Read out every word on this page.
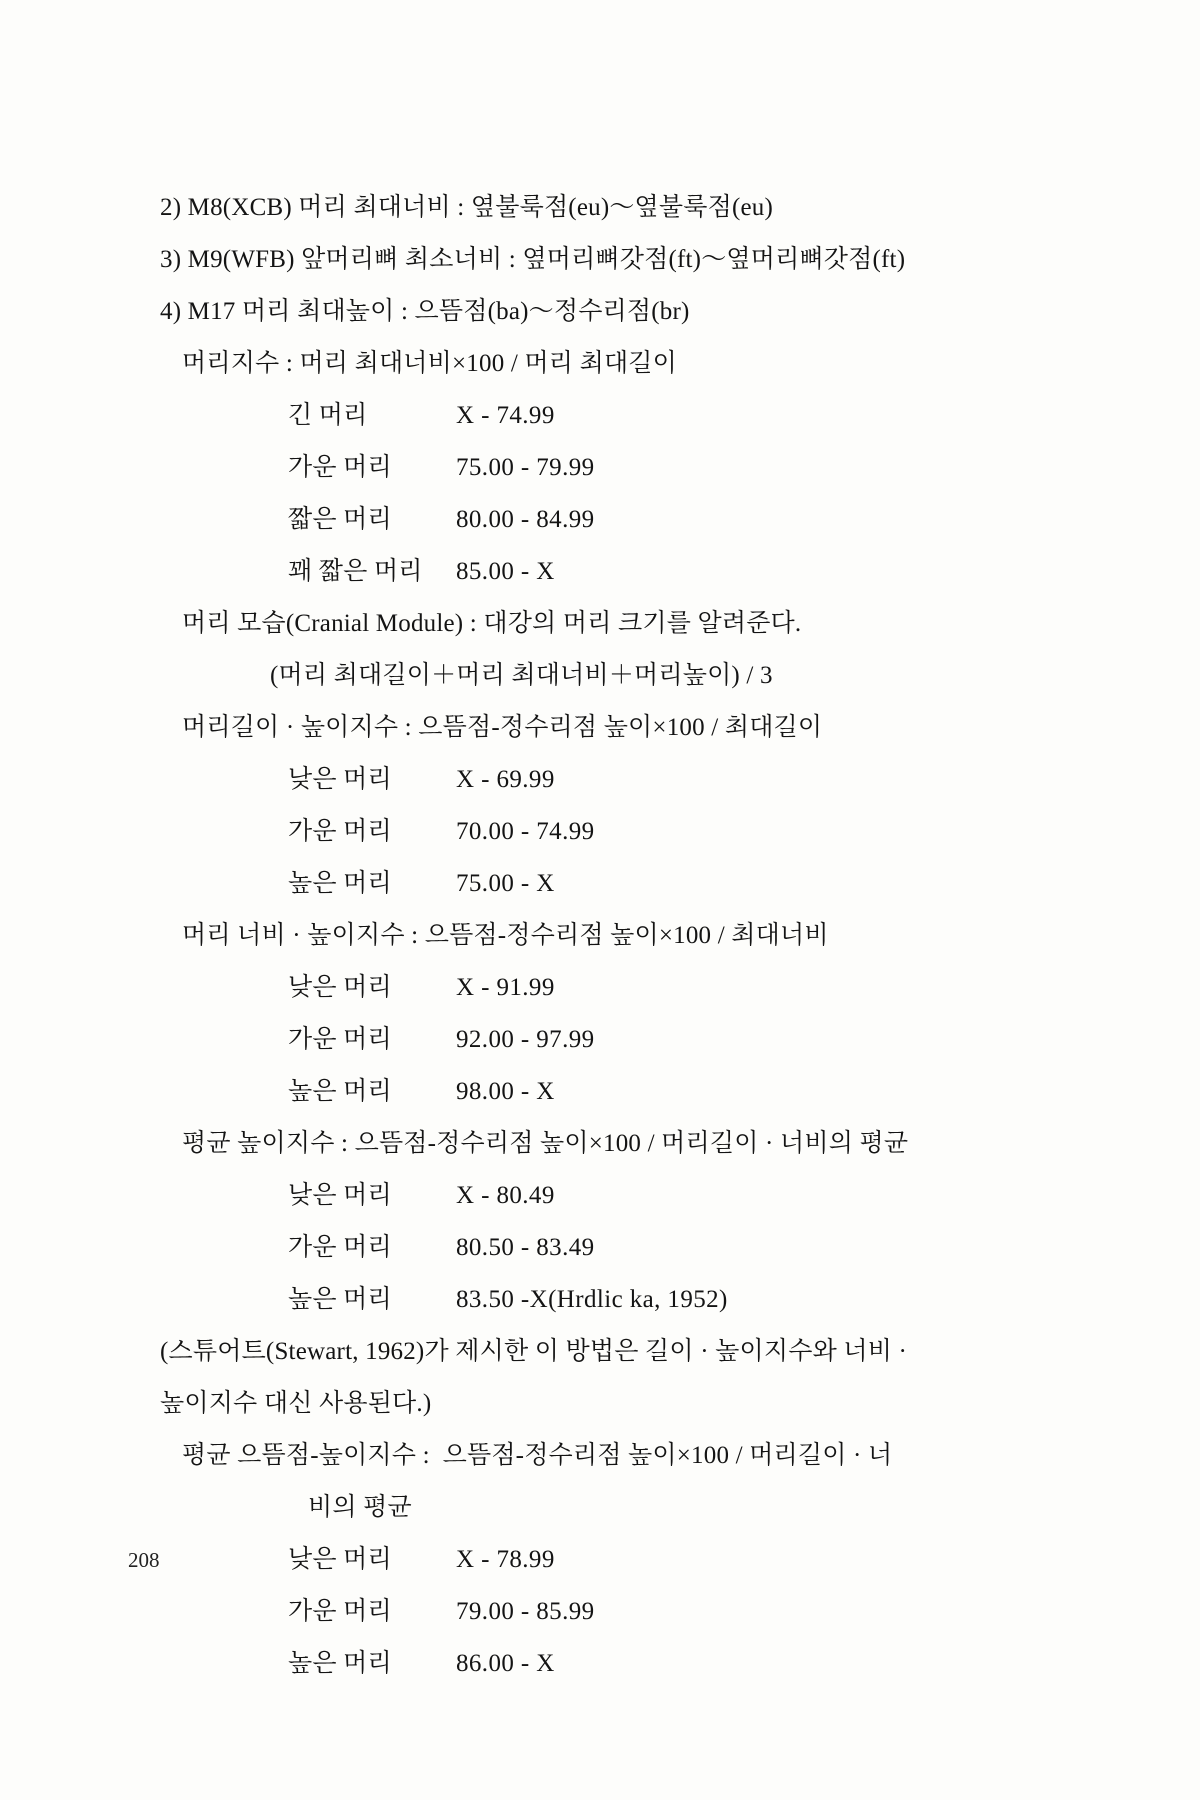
2) M8(XCB) 머리 최대너비 : 옆불룩점(eu)〜옆불룩점(eu)
3) M9(WFB) 앞머리뼈 최소너비 : 옆머리뼈갓점(ft)〜옆머리뼈갓점(ft)
4) M17 머리 최대높이 : 으뜸점(ba)〜정수리점(br)
머리지수 : 머리 최대너비×100 / 머리 최대길이
긴 머리	X - 74.99
가운 머리	75.00 - 79.99
짧은 머리	80.00 - 84.99
꽤 짧은 머리 85.00 - X
머리 모습(Cranial Module) : 대강의 머리 크기를 알려준다.
(머리 최대길이＋머리 최대너비＋머리높이) / 3
머리길이 · 높이지수 : 으뜸점-정수리점 높이×100 / 최대길이
낮은 머리	X - 69.99
가운 머리	70.00 - 74.99
높은 머리	75.00 - X
머리 너비 · 높이지수 : 으뜸점-정수리점 높이×100 / 최대너비
낮은 머리	X - 91.99
가운 머리	92.00 - 97.99
높은 머리	98.00 - X
평균 높이지수 : 으뜸점-정수리점 높이×100 / 머리길이 · 너비의 평균
낮은 머리	X - 80.49
가운 머리	80.50 - 83.49
높은 머리	83.50 -X(Hrdlic ka, 1952)
(스튜어트(Stewart, 1962)가 제시한 이 방법은 길이 · 높이지수와 너비 ·
높이지수 대신 사용된다.)
평균 으뜸점-높이지수 :  으뜸점-정수리점 높이×100 / 머리길이 · 너
비의 평균
낮은 머리	X - 78.99
가운 머리	79.00 - 85.99
높은 머리	86.00 - X
208
